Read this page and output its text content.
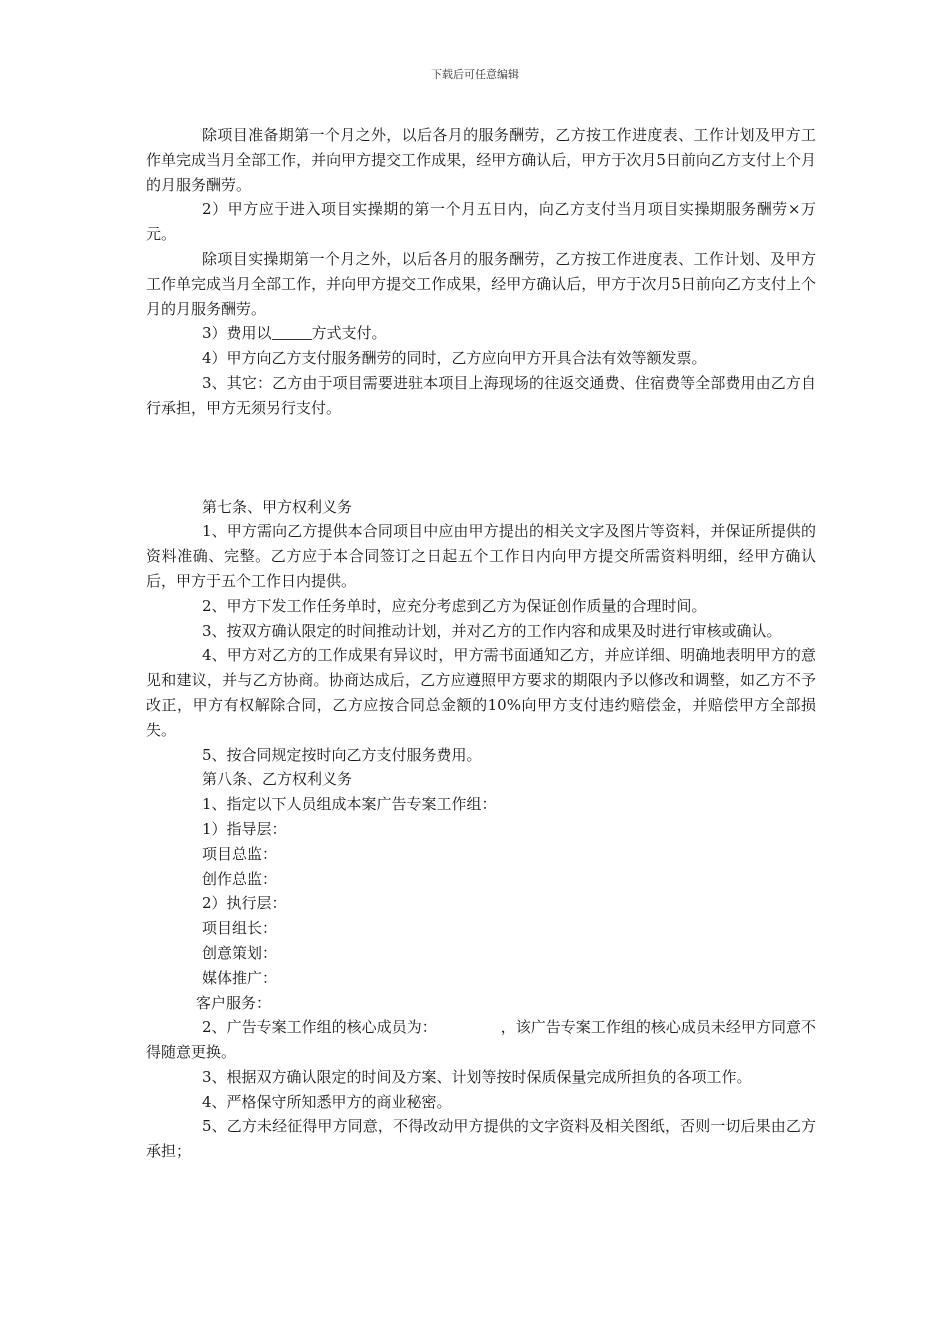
下载后可任意编辑

除项目准备期第一个月之外，以后各月的服务酬劳，乙方按工作进度表、工作计划及甲方工作单完成当月全部工作，并向甲方提交工作成果，经甲方确认后，甲方于次月5日前向乙方支付上个月的月服务酬劳。

2）甲方应于进入项目实操期的第一个月五日内，向乙方支付当月项目实操期服务酬劳×万元。

除项目实操期第一个月之外，以后各月的服务酬劳，乙方按工作进度表、工作计划、及甲方工作单完成当月全部工作，并向甲方提交工作成果，经甲方确认后，甲方于次月5日前向乙方支付上个月的月服务酬劳。

3）费用以	方式支付。

4）甲方向乙方支付服务酬劳的同时，乙方应向甲方开具合法有效等额发票。

3、其它：乙方由于项目需要进驻本项目上海现场的往返交通费、住宿费等全部费用由乙方自行承担，甲方无须另行支付。

第七条、甲方权利义务

1、甲方需向乙方提供本合同项目中应由甲方提出的相关文字及图片等资料，并保证所提供的资料准确、完整。乙方应于本合同签订之日起五个工作日内向甲方提交所需资料明细，经甲方确认后，甲方于五个工作日内提供。

2、甲方下发工作任务单时，应充分考虑到乙方为保证创作质量的合理时间。

3、按双方确认限定的时间推动计划，并对乙方的工作内容和成果及时进行审核或确认。

4、甲方对乙方的工作成果有异议时，甲方需书面通知乙方，并应详细、明确地表明甲方的意见和建议，并与乙方协商。协商达成后，乙方应遵照甲方要求的期限内予以修改和调整，如乙方不予改正，甲方有权解除合同，乙方应按合同总金额的10%向甲方支付违约赔偿金，并赔偿甲方全部损失。

5、按合同规定按时向乙方支付服务费用。

第八条、乙方权利义务

1、指定以下人员组成本案广告专案工作组：

1）指导层：

项目总监：

创作总监：

2）执行层：

项目组长：

创意策划：

媒体推广：

客户服务：

2、广告专案工作组的核心成员为：	，该广告专案工作组的核心成员未经甲方同意不得随意更换。

3、根据双方确认限定的时间及方案、计划等按时保质保量完成所担负的各项工作。

4、严格保守所知悉甲方的商业秘密。

5、乙方未经征得甲方同意，不得改动甲方提供的文字资料及相关图纸，否则一切后果由乙方承担；
